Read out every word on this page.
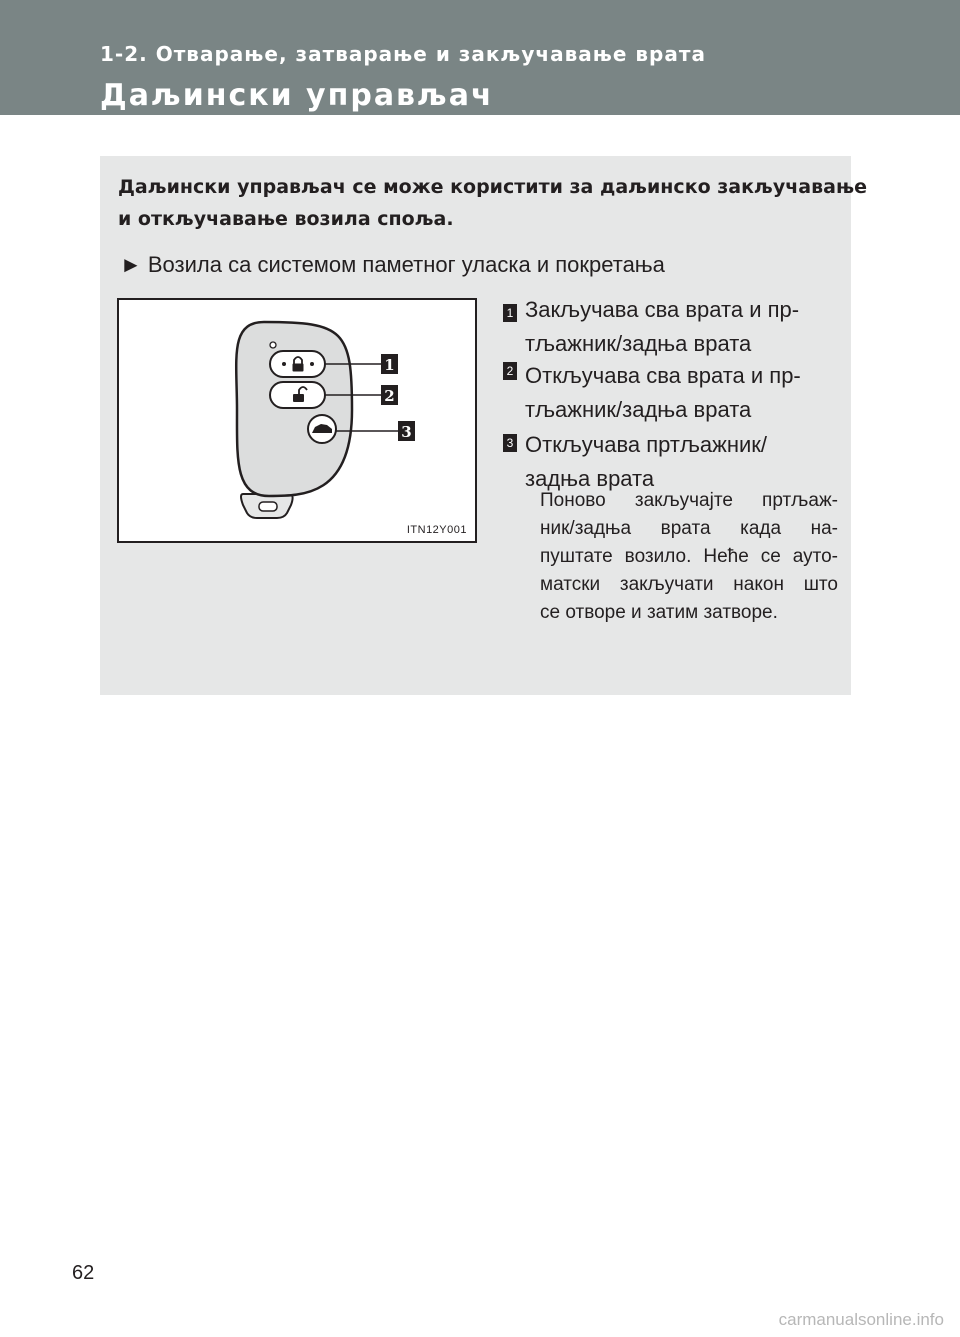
1-2. Отварање, затварање и закључавање врата
Даљински управљач
Даљински управљач се може користити за даљинско закључавање
и откључавање возила споља.
► Возила са системом паметног уласка и покретања
1
2
3
ITN12Y001
1 Закључава сва врата и пр-
тљажник/задња врата
2 Откључава сва врата и пр-
тљажник/задња врата
3 Откључава пртљажник/
задња врата
Поново закључајте пртљаж-
ник/задња врата када на-
пуштате возило. Неће се ауто-
матски закључати након што
се отворе и затим затворе.
62
carmanualsonline.info
